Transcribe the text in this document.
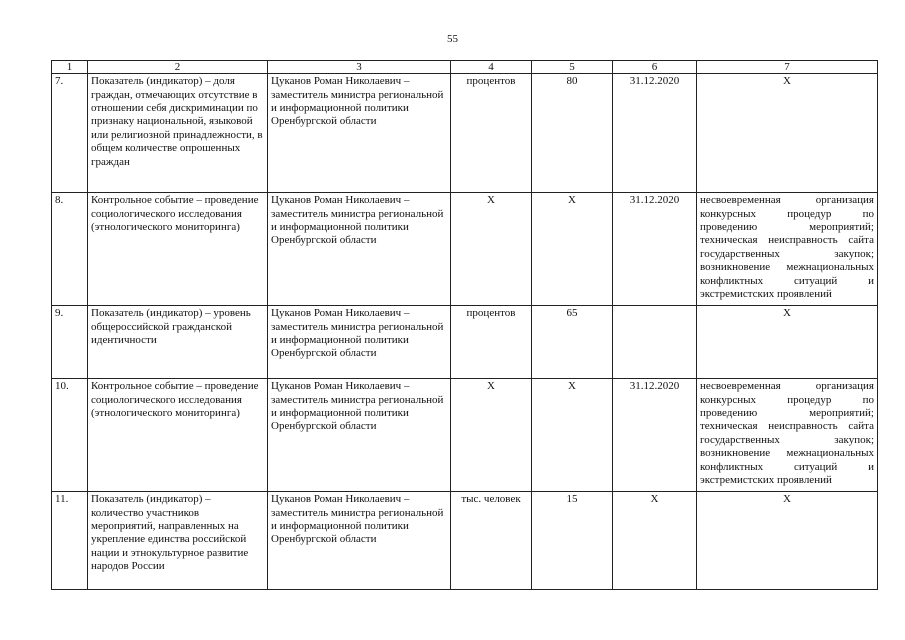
55
1	2	3	4	5	6	7
7.	Показатель (индикатор) – доля граждан, отмечающих отсутствие в отношении себя дискриминации по признаку национальной, языковой или религиозной принадлежности, в общем количестве опрошенных граждан	Цуканов Роман Николаевич – заместитель министра региональной и информационной политики Оренбургской области	процентов	80	31.12.2020	Х
8.	Контрольное событие – проведение социологического исследования (этнологического мониторинга)	Цуканов Роман Николаевич – заместитель министра региональной и информационной политики Оренбургской области	Х	Х	31.12.2020	несвоевременная организация конкурсных процедур по проведению мероприятий; техническая неисправность сайта государственных закупок; возникновение межнациональных конфликтных ситуаций и экстремистских проявлений
9.	Показатель (индикатор) – уровень общероссийской гражданской идентичности	Цуканов Роман Николаевич – заместитель министра региональной и информационной политики Оренбургской области	процентов	65		Х
10.	Контрольное событие – проведение социологического исследования (этнологического мониторинга)	Цуканов Роман Николаевич – заместитель министра региональной и информационной политики Оренбургской области	Х	Х	31.12.2020	несвоевременная организация конкурсных процедур по проведению мероприятий; техническая неисправность сайта государственных закупок; возникновение межнациональных конфликтных ситуаций и экстремистских проявлений
11.	Показатель (индикатор) – количество участников мероприятий, направленных на укрепление единства российской нации и этнокультурное развитие народов России	Цуканов Роман Николаевич – заместитель министра региональной и информационной политики Оренбургской области	тыс. человек	15	Х	Х
